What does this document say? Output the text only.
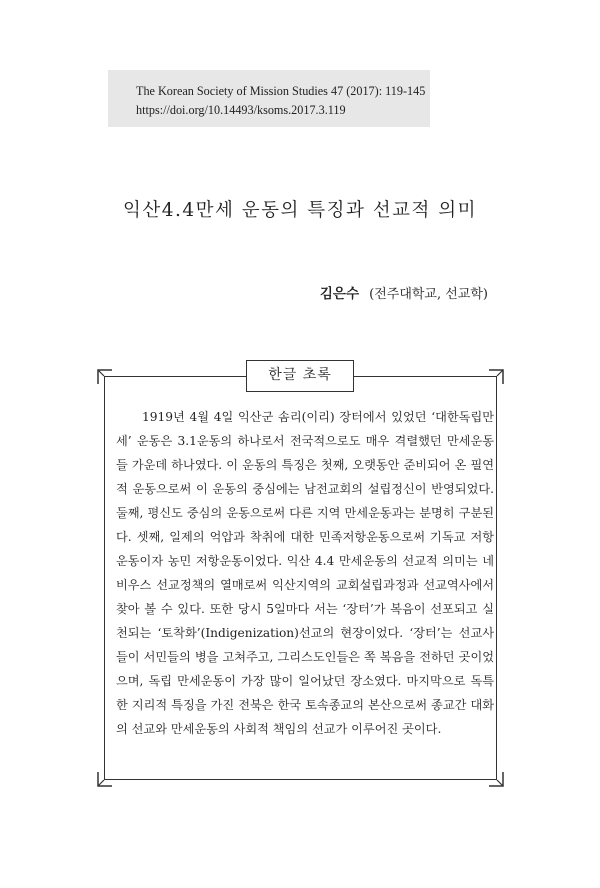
The Korean Society of Mission Studies 47 (2017): 119-145
https://doi.org/10.14493/ksoms.2017.3.119
익산4.4만세 운동의 특징과 선교적 의미
김은수 (전주대학교, 선교학)
한글 초록

1919년 4월 4일 익산군 솜리(이리) 장터에서 있었던 ‘대한독립만세’ 운동은 3.1운동의 하나로서 전국적으로도 매우 격렬했던 만세운동들 가운데 하나였다. 이 운동의 특징은 첫째, 오랫동안 준비되어 온 필연적 운동으로써 이 운동의 중심에는 남전교회의 설립정신이 반영되었다. 둘째, 평신도 중심의 운동으로써 다른 지역 만세운동과는 분명히 구분된다. 셋째, 일제의 억압과 착취에 대한 민족저항운동으로써 기독교 저항운동이자 농민 저항운동이었다. 익산 4.4 만세운동의 선교적 의미는 네비우스 선교정책의 열매로써 익산지역의 교회설립과정과 선교역사에서 찾아 볼 수 있다. 또한 당시 5일마다 서는 ‘장터’가 복음이 선포되고 실천되는 ‘토착화’(Indigenization)선교의 현장이었다. ‘장터’는 선교사들이 서민들의 병을 고쳐주고, 그리스도인들은 쪽 복음을 전하던 곳이었으며, 독립 만세운동이 가장 많이 일어났던 장소였다. 마지막으로 독특한 지리적 특징을 가진 전북은 한국 토속종교의 본산으로써 종교간 대화의 선교와 만세운동의 사회적 책임의 선교가 이루어진 곳이다.
